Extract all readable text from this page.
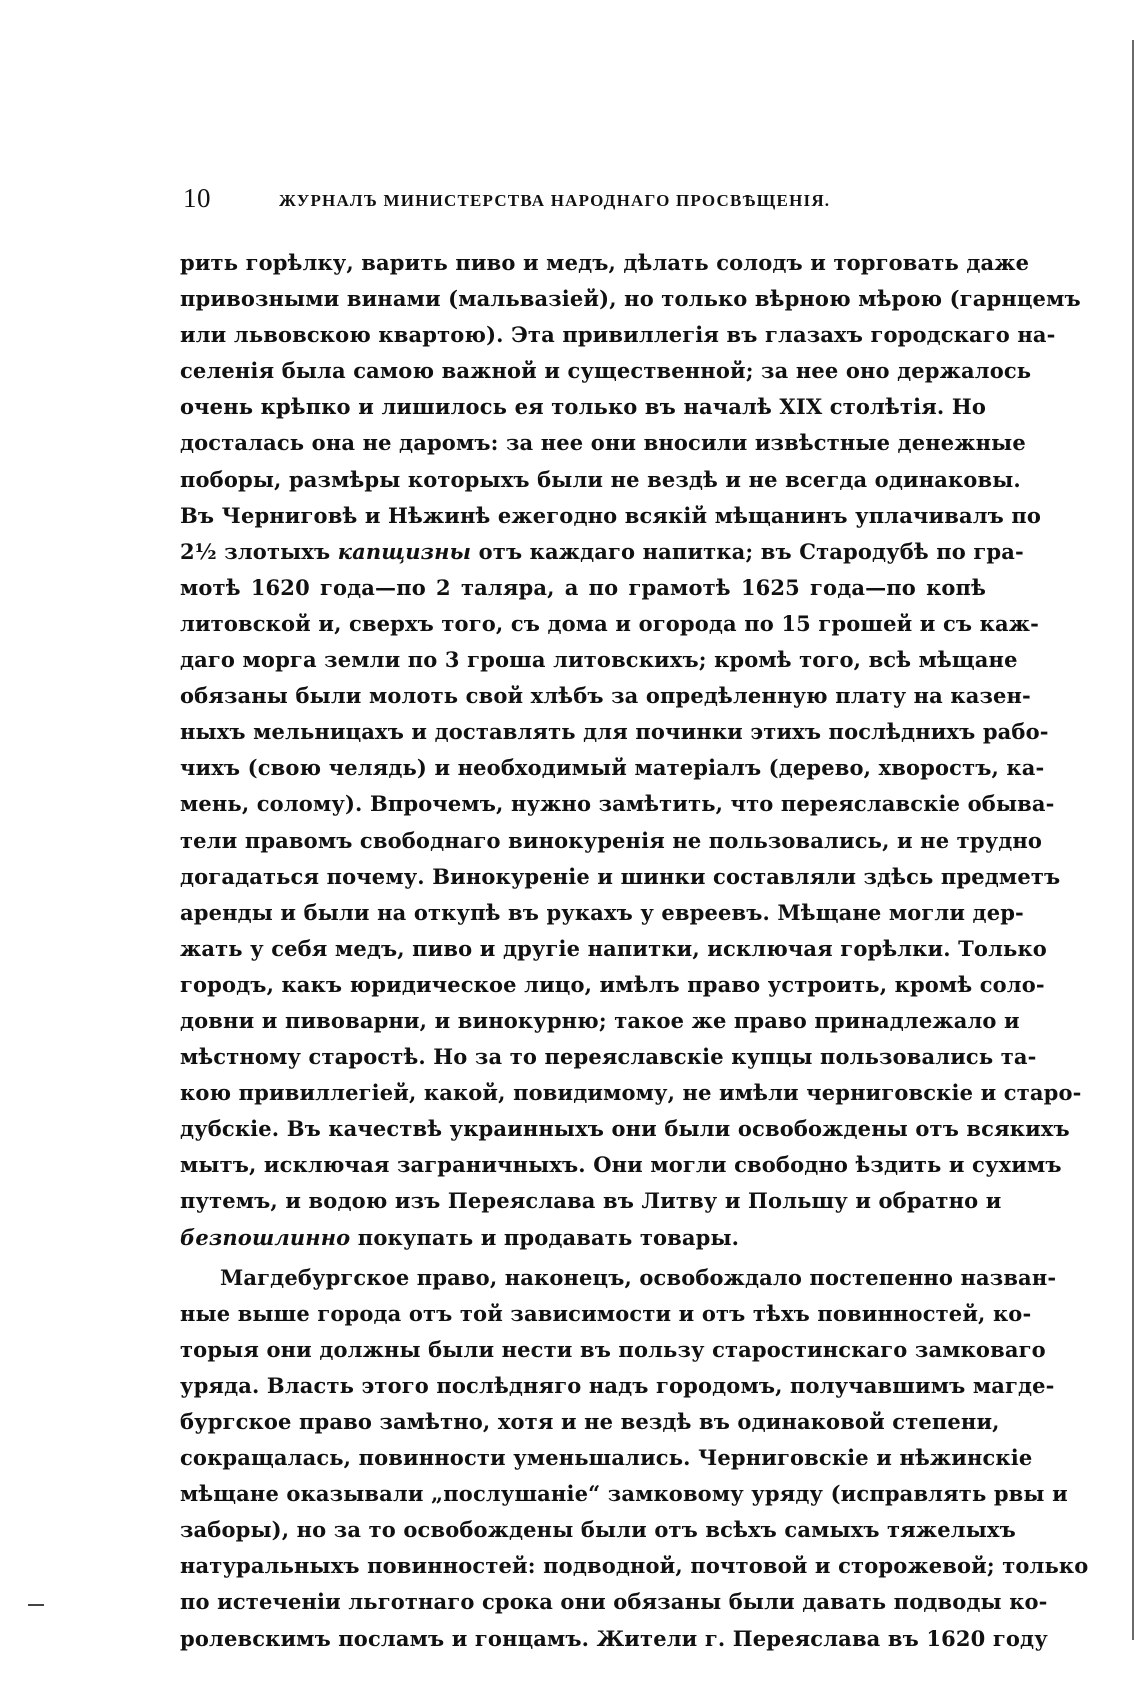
10	ЖУРНАЛЪ МИНИСТЕРСТВА НАРОДНАГО ПРОСВѢЩЕНІЯ.
рить горѣлку, варить пиво и медъ, дѣлать солодъ и торговать даже
привозными винами (мальвазіей), но только вѣрною мѣрою (гарнцемъ
или львовскою квартою). Эта привиллегія въ глазахъ городскаго на-
селенія была самою важной и существенной; за нее оно держалось
очень крѣпко и лишилось ея только въ началѣ XIX столѣтія. Но
досталась она не даромъ: за нее они вносили извѣстные денежные
поборы, размѣры которыхъ были не вездѣ и не всегда одинаковы.
Въ Черниговѣ и Нѣжинѣ ежегодно всякій мѣщанинъ уплачивалъ по
2½ злотыхъ капщизны отъ каждаго напитка; въ Стародубѣ по гра-
мотѣ 1620 года—по 2 таляра, а по грамотѣ 1625 года—по копѣ
литовской и, сверхъ того, съ дома и огорода по 15 грошей и съ каж-
даго морга земли по 3 гроша литовскихъ; кромѣ того, всѣ мѣщане
обязаны были молоть свой хлѣбъ за опредѣленную плату на казен-
ныхъ мельницахъ и доставлять для починки этихъ послѣднихъ рабо-
чихъ (свою челядь) и необходимый матеріалъ (дерево, хворостъ, ка-
мень, солому). Впрочемъ, нужно замѣтить, что переяславскіе обыва-
тели правомъ свободнаго винокуренія не пользовались, и не трудно
догадаться почему. Винокуреніе и шинки составляли здѣсь предметъ
аренды и были на откупѣ въ рукахъ у евреевъ. Мѣщане могли дер-
жать у себя медъ, пиво и другіе напитки, исключая горѣлки. Только
городъ, какъ юридическое лицо, имѣлъ право устроить, кромѣ соло-
довни и пивоварни, и винокурню; такое же право принадлежало и
мѣстному старостѣ. Но за то переяславскіе купцы пользовались та-
кою привиллегіей, какой, повидимому, не имѣли черниговскіе и старо-
дубскіе. Въ качествѣ украинныхъ они были освобождены отъ всякихъ
мытъ, исключая заграничныхъ. Они могли свободно ѣздить и сухимъ
путемъ, и водою изъ Переяслава въ Литву и Польшу и обратно и
безпошлинно покупать и продавать товары.
Магдебургское право, наконецъ, освобождало постепенно назван-
ные выше города отъ той зависимости и отъ тѣхъ повинностей, ко-
торыя они должны были нести въ пользу старостинскаго замковаго
уряда. Власть этого послѣдняго надъ городомъ, получавшимъ магде-
бургское право замѣтно, хотя и не вездѣ въ одинаковой степени,
сокращалась, повинности уменьшались. Черниговскіе и нѣжинскіе
мѣщане оказывали „послушаніе“ замковому уряду (исправлять рвы и
заборы), но за то освобождены были отъ всѣхъ самыхъ тяжелыхъ
натуральныхъ повинностей: подводной, почтовой и сторожевой; только
по истеченіи льготнаго срока они обязаны были давать подводы ко-
ролевскимъ посламъ и гонцамъ. Жители г. Переяслава въ 1620 году
